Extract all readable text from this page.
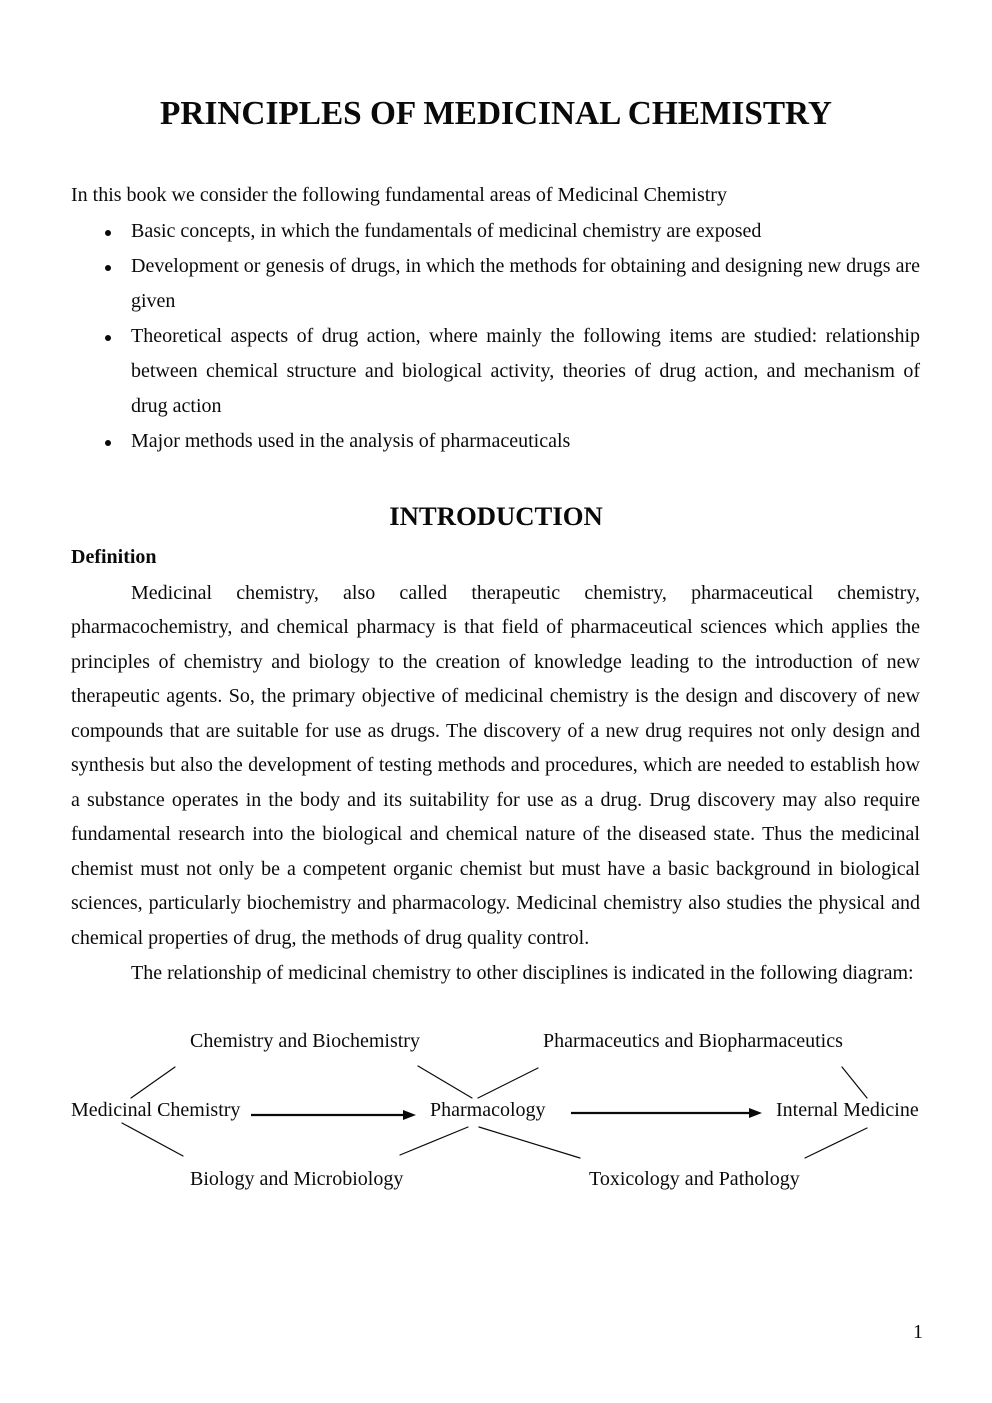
PRINCIPLES OF MEDICINAL CHEMISTRY

In this book we consider the following fundamental areas of Medicinal Chemistry

Basic concepts, in which the fundamentals of medicinal chemistry are exposed
Development or genesis of drugs, in which the methods for obtaining and designing new drugs are
given
Theoretical aspects of drug action, where mainly the following items are studied: relationship
between chemical structure and biological activity, theories of drug action, and mechanism of
drug action
Major methods used in the analysis of pharmaceuticals
INTRODUCTION
Definition

Medicinal chemistry, also called therapeutic chemistry, pharmaceutical chemistry,
pharmacochemistry, and chemical pharmacy is that field of pharmaceutical sciences which applies the
principles of chemistry and biology to the creation of knowledge leading to the introduction of new
therapeutic agents. So, the primary objective of medicinal chemistry is the design and discovery of new
compounds that are suitable for use as drugs. The discovery of a new drug requires not only design and
synthesis but also the development of testing methods and procedures, which are needed to establish how
a substance operates in the body and its suitability for use as a drug. Drug discovery may also require
fundamental research into the biological and chemical nature of the diseased state. Thus the medicinal
chemist must not only be a competent organic chemist but must have a basic background in biological
sciences, particularly biochemistry and pharmacology. Medicinal chemistry also studies the physical and
chemical properties of drug, the methods of drug quality control.

The relationship of medicinal chemistry to other disciplines is indicated in the following diagram:

Chemistry and Biochemistry	Pharmaceutics and Biopharmaceutics
Medicinal Chemistry	Pharmacology	Internal Medicine
Biology and Microbiology	Toxicology and Pathology
1
